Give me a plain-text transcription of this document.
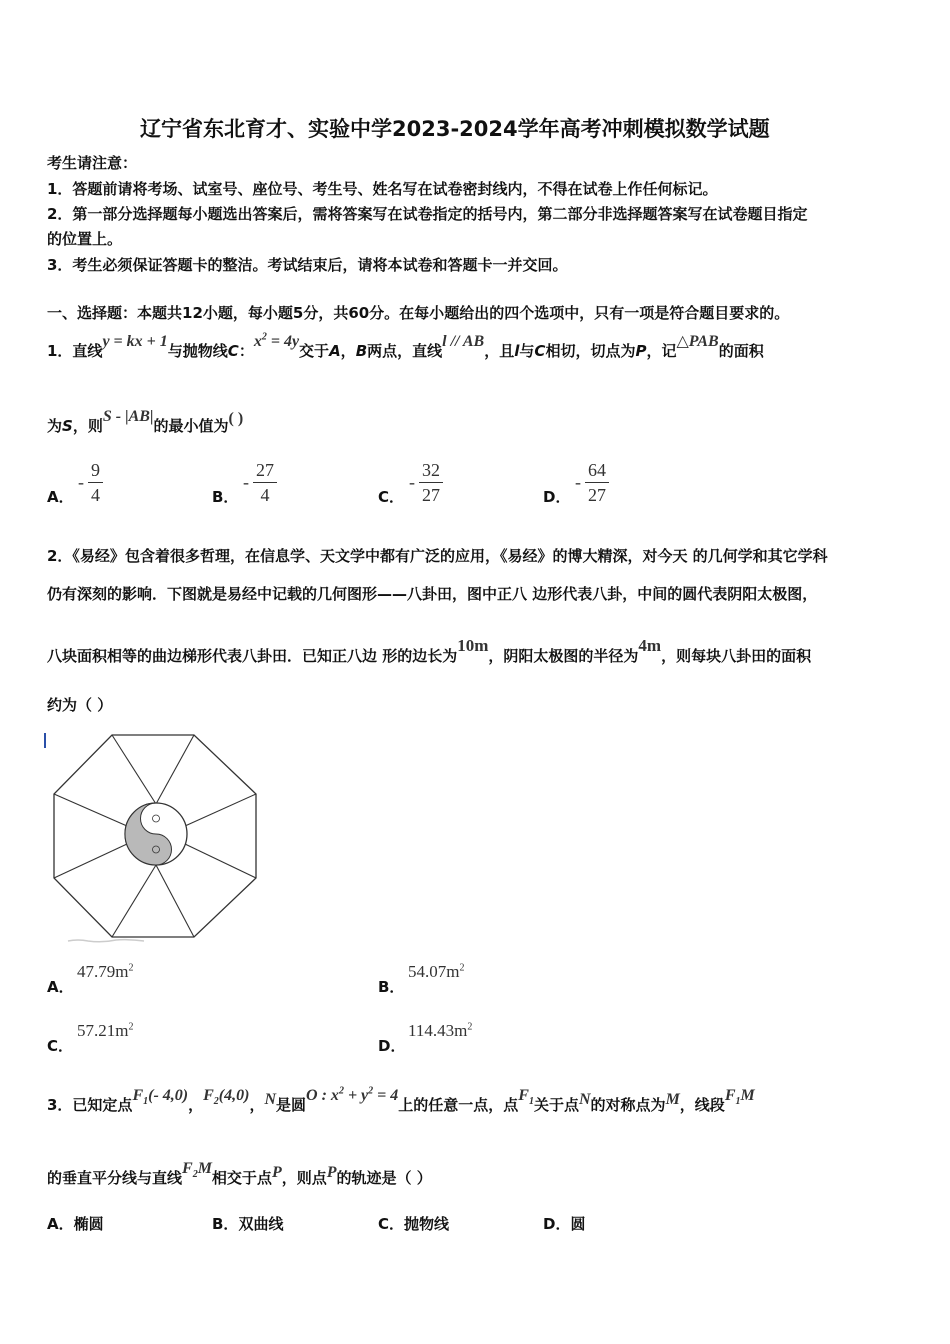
辽宁省东北育才、实验中学2023-2024学年高考冲刺模拟数学试题
考生请注意：
1．答题前请将考场、试室号、座位号、考生号、姓名写在试卷密封线内，不得在试卷上作任何标记。
2．第一部分选择题每小题选出答案后，需将答案写在试卷指定的括号内，第二部分非选择题答案写在试卷题目指定
的位置上。
3．考生必须保证答题卡的整洁。考试结束后，请将本试卷和答题卡一并交回。
一、选择题：本题共12小题，每小题5分，共60分。在每小题给出的四个选项中，只有一项是符合题目要求的。
1．直线y = kx + 1与抛物线C：$x^2 = 4y$交于A，B两点，直线l // AB，且l与C相切，切点为P，记△PAB的面积
为S，则S - |AB|的最小值为( )
A．
- $\frac{9}{4}$	B．
- $\frac{27}{4}$	C．
- $\frac{32}{27}$	D．
- $\frac{64}{27}$
2．《易经》包含着很多哲理，在信息学、天文学中都有广泛的应用，《易经》的博大精深，对今天 的几何学和其它学科
仍有深刻的影响．下图就是易经中记载的几何图形——八卦田，图中正八 边形代表八卦，中间的圆代表阴阳太极图，
八块面积相等的曲边梯形代表八卦田．已知正八边 形的边长为10m，阴阳太极图的半径为4m，则每块八卦田的面积
约为（ ）
A．
$47.79m^2$
B．
$54.07m^2$
C．
$57.21m^2$
D．
$114.43m^2$
3．已知定点$F_1(-$ 4,0)，$F_2(4,0)$，N是圆O : $x^2 + y^2 = 4$上的任意一点，点$F_1$关于点N的对称点为M，线段$F_1M$
的垂直平分线与直线$F_2M$相交于点P，则点P的轨迹是（ ）
A．椭圆	B．双曲线	C．抛物线	D．圆
